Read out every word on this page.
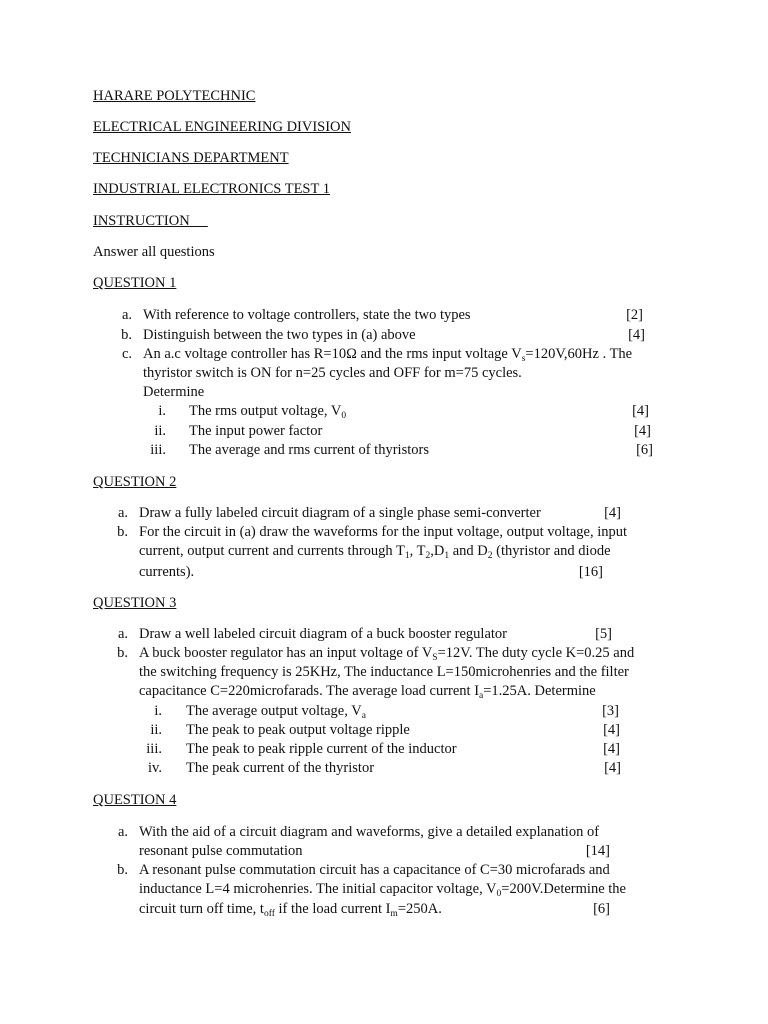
HARARE POLYTECHNIC
ELECTRICAL ENGINEERING DIVISION
TECHNICIANS DEPARTMENT
INDUSTRIAL ELECTRONICS TEST 1
INSTRUCTION
Answer all questions
QUESTION 1
a. With reference to voltage controllers, state the two types	[2]
b. Distinguish between the two types in (a) above	[4]
c. An a.c voltage controller has R=10Ω and the rms input voltage $V_s=120V,60Hz$ . The
thyristor switch is ON for n=25 cycles and OFF for m=75 cycles.
Determine
i. The rms output voltage, $V_0$	[4]
ii. The input power factor	[4]
iii. The average and rms current of thyristors	[6]
QUESTION 2
a. Draw a fully labeled circuit diagram of a single phase semi-converter	[4]
b. For the circuit in (a) draw the waveforms for the input voltage, output voltage, input
current, output current and currents through $T_1$, $T_2,D_1$ and $D_2$ (thyristor and diode
currents).	[16]
QUESTION 3
a. Draw a well labeled circuit diagram of a buck booster regulator	[5]
b. A buck booster regulator has an input voltage of $V_S=12V$. The duty cycle K=0.25 and
the switching frequency is 25KHz, The inductance L=150microhenries and the filter
capacitance C=220microfarads. The average load current $I_a=1.25A$. Determine
i. The average output voltage, $V_a$	[3]
ii. The peak to peak output voltage ripple	[4]
iii. The peak to peak ripple current of the inductor	[4]
iv. The peak current of the thyristor	[4]
QUESTION 4
a. With the aid of a circuit diagram and waveforms, give a detailed explanation of
resonant pulse commutation	[14]
b. A resonant pulse commutation circuit has a capacitance of C=30 microfarads and
inductance L=4 microhenries. The initial capacitor voltage, $V_0=200V.Determine$ the
circuit turn off time, $t_{off}$ if the load current $I_m=250A$.	[6]
